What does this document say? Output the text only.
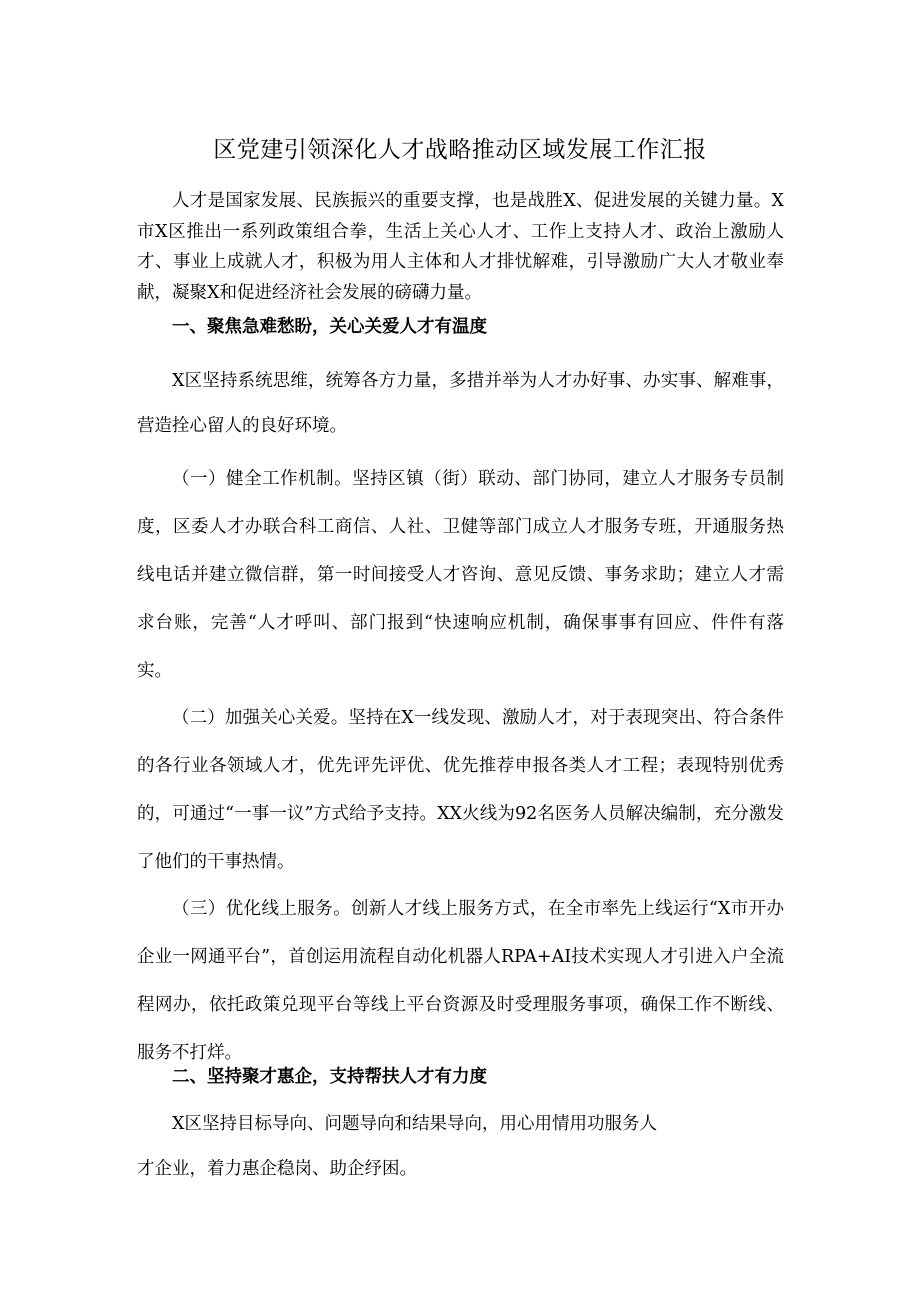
区党建引领深化人才战略推动区域发展工作汇报

人才是国家发展、民族振兴的重要支撑，也是战胜X、促进发展的关键力量。X市X区推出一系列政策组合拳，生活上关心人才、工作上支持人才、政治上激励人才、事业上成就人才，积极为用人主体和人才排忧解难，引导激励广大人才敬业奉献，凝聚X和促进经济社会发展的磅礴力量。

一、聚焦急难愁盼，关心关爱人才有温度

X区坚持系统思维，统筹各方力量，多措并举为人才办好事、办实事、解难事，营造拴心留人的良好环境。

（一）健全工作机制。坚持区镇（街）联动、部门协同，建立人才服务专员制度，区委人才办联合科工商信、人社、卫健等部门成立人才服务专班，开通服务热线电话并建立微信群，第一时间接受人才咨询、意见反馈、事务求助；建立人才需求台账，完善“人才呼叫、部门报到“快速响应机制，确保事事有回应、件件有落实。

（二）加强关心关爱。坚持在X一线发现、激励人才，对于表现突出、符合条件的各行业各领域人才，优先评先评优、优先推荐申报各类人才工程；表现特别优秀的，可通过“一事一议”方式给予支持。XX火线为92名医务人员解决编制，充分激发了他们的干事热情。

（三）优化线上服务。创新人才线上服务方式，在全市率先上线运行“X市开办企业一网通平台”，首创运用流程自动化机器人RPA+AI技术实现人才引进入户全流程网办，依托政策兑现平台等线上平台资源及时受理服务事项，确保工作不断线、服务不打烊。

二、坚持聚才惠企，支持帮扶人才有力度

X区坚持目标导向、问题导向和结果导向，用心用情用功服务人

才企业，着力惠企稳岗、助企纾困。
